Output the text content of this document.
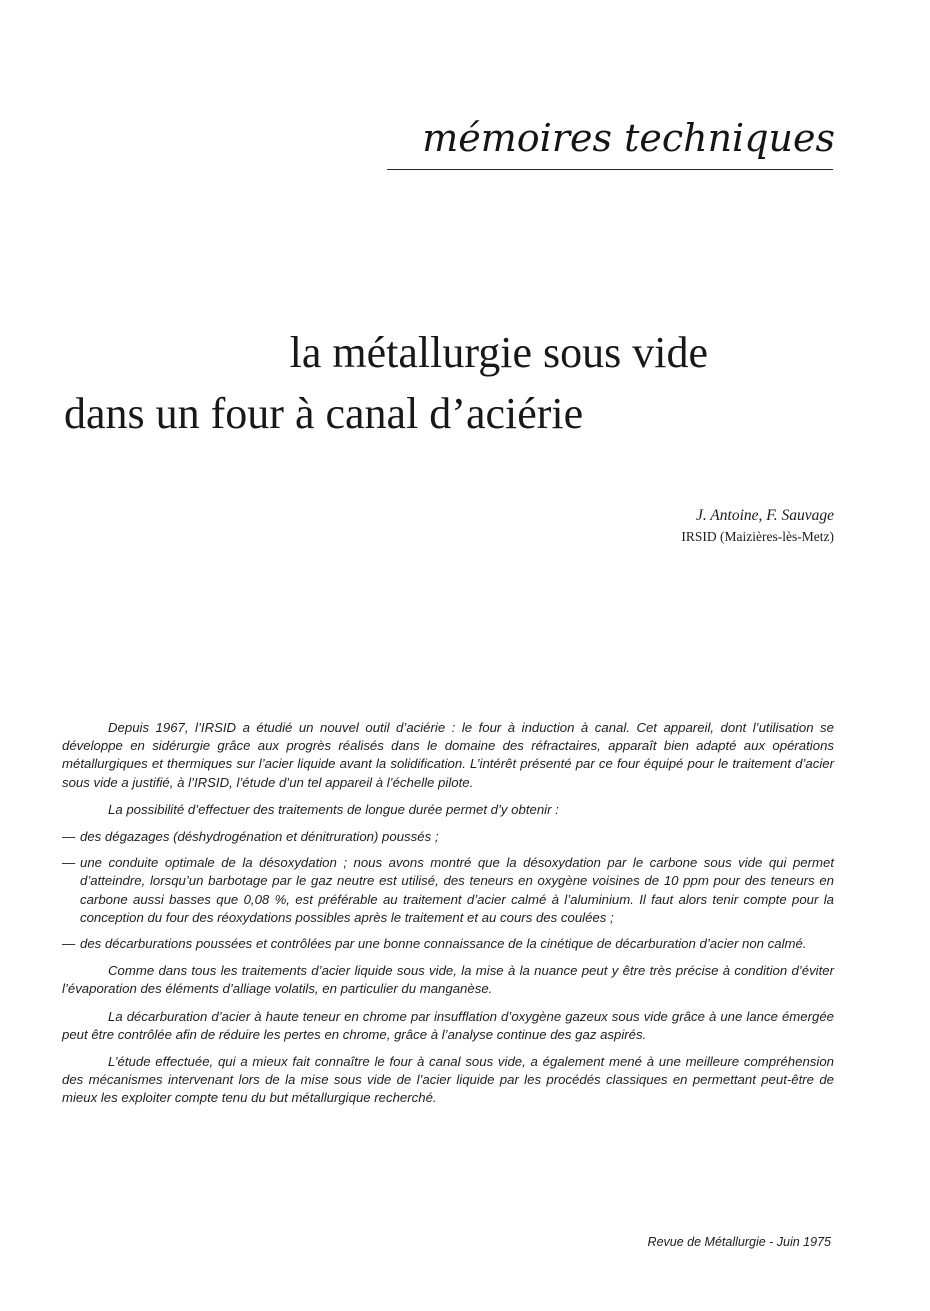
mémoires techniques
la métallurgie sous vide
dans un four à canal d’aciérie
J. Antoine, F. Sauvage
IRSID (Maizières-lès-Metz)

Depuis 1967, l’IRSID a étudié un nouvel outil d’aciérie : le four à induction à canal. Cet appareil, dont l’utilisation se développe en sidérurgie grâce aux progrès réalisés dans le domaine des réfractaires, apparaît bien adapté aux opérations métallurgiques et thermiques sur l’acier liquide avant la solidification. L’intérêt présenté par ce four équipé pour le traitement d’acier sous vide a justifié, à l’IRSID, l’étude d’un tel appareil à l’échelle pilote.

La possibilité d’effectuer des traitements de longue durée permet d’y obtenir :

— des dégazages (déshydrogénation et dénitruration) poussés ;
— une conduite optimale de la désoxydation ; nous avons montré que la désoxydation par le carbone sous vide qui permet d’atteindre, lorsqu’un barbotage par le gaz neutre est utilisé, des teneurs en oxygène voisines de 10 ppm pour des teneurs en carbone aussi basses que 0,08 %, est préférable au traitement d’acier calmé à l’aluminium. Il faut alors tenir compte pour la conception du four des réoxydations possibles après le traitement et au cours des coulées ;
— des décarburations poussées et contrôlées par une bonne connaissance de la cinétique de décarburation d’acier non calmé.

Comme dans tous les traitements d’acier liquide sous vide, la mise à la nuance peut y être très précise à condition d’éviter l’évaporation des éléments d’alliage volatils, en particulier du manganèse.

La décarburation d’acier à haute teneur en chrome par insufflation d’oxygène gazeux sous vide grâce à une lance émergée peut être contrôlée afin de réduire les pertes en chrome, grâce à l’analyse continue des gaz aspirés.

L’étude effectuée, qui a mieux fait connaître le four à canal sous vide, a également mené à une meilleure compréhension des mécanismes intervenant lors de la mise sous vide de l’acier liquide par les procédés classiques en permettant peut-être de mieux les exploiter compte tenu du but métallurgique recherché.

Revue de Métallurgie - Juin 1975
